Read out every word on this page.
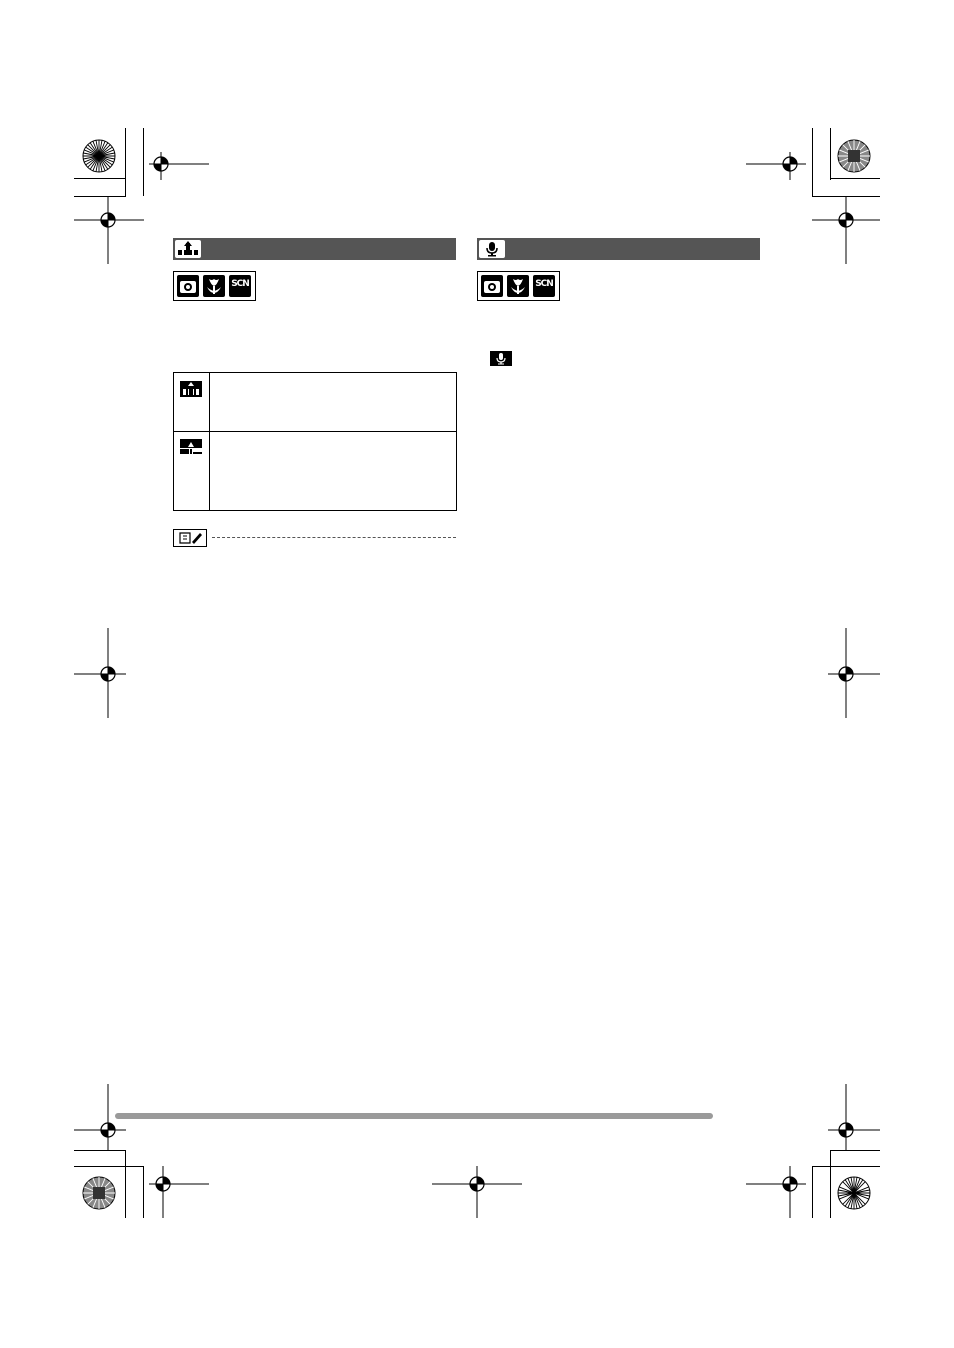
SCN	SCN
